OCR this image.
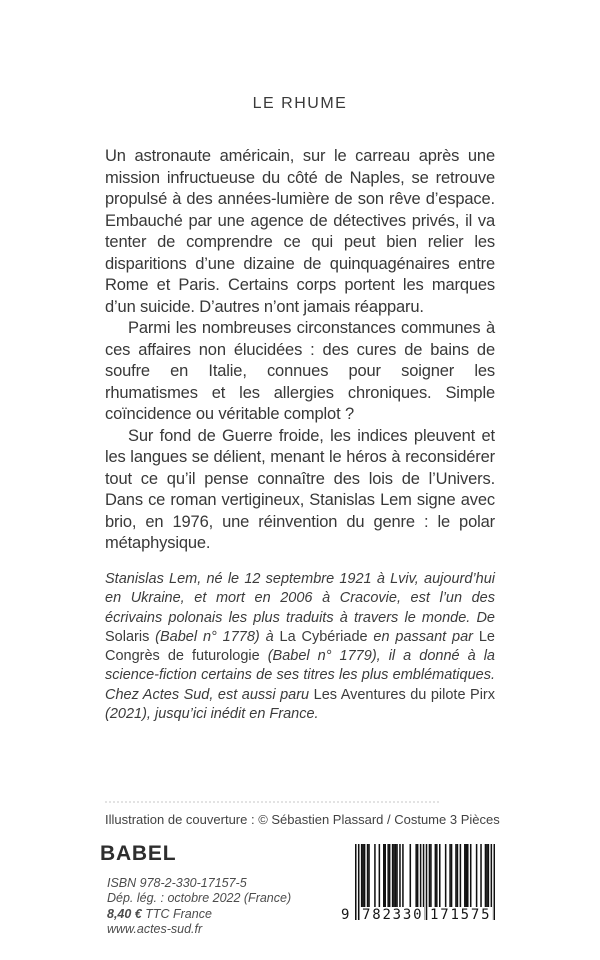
LE RHUME

Un astronaute américain, sur le carreau après une mission infructueuse du côté de Naples, se retrouve propulsé à des années-lumière de son rêve d’espace. Embauché par une agence de détectives privés, il va tenter de comprendre ce qui peut bien relier les disparitions d’une dizaine de quinquagénaires entre Rome et Paris. Certains corps portent les marques d’un suicide. D’autres n’ont jamais réapparu.

Parmi les nombreuses circonstances communes à ces affaires non élucidées : des cures de bains de soufre en Italie, connues pour soigner les rhumatismes et les allergies chroniques. Simple coïncidence ou véritable complot ?

Sur fond de Guerre froide, les indices pleuvent et les langues se délient, menant le héros à reconsidérer tout ce qu’il pense connaître des lois de l’Univers. Dans ce roman vertigineux, Stanislas Lem signe avec brio, en 1976, une réinvention du genre : le polar métaphysique.

Stanislas Lem, né le 12 septembre 1921 à Lviv, aujourd’hui en Ukraine, et mort en 2006 à Cracovie, est l’un des écrivains polonais les plus traduits à travers le monde. De Solaris (Babel n° 1778) à La Cybériade en passant par Le Congrès de futurologie (Babel n° 1779), il a donné à la science-fiction certains de ses titres les plus emblématiques. Chez Actes Sud, est aussi paru Les Aventures du pilote Pirx (2021), jusqu’ici inédit en France.
Illustration de couverture : © Sébastien Plassard / Costume 3 Pièces
BABEL
ISBN 978-2-330-17157-5
Dép. lég. : octobre 2022 (France)
8,40 € TTC France
www.actes-sud.fr
9 782330 171575
